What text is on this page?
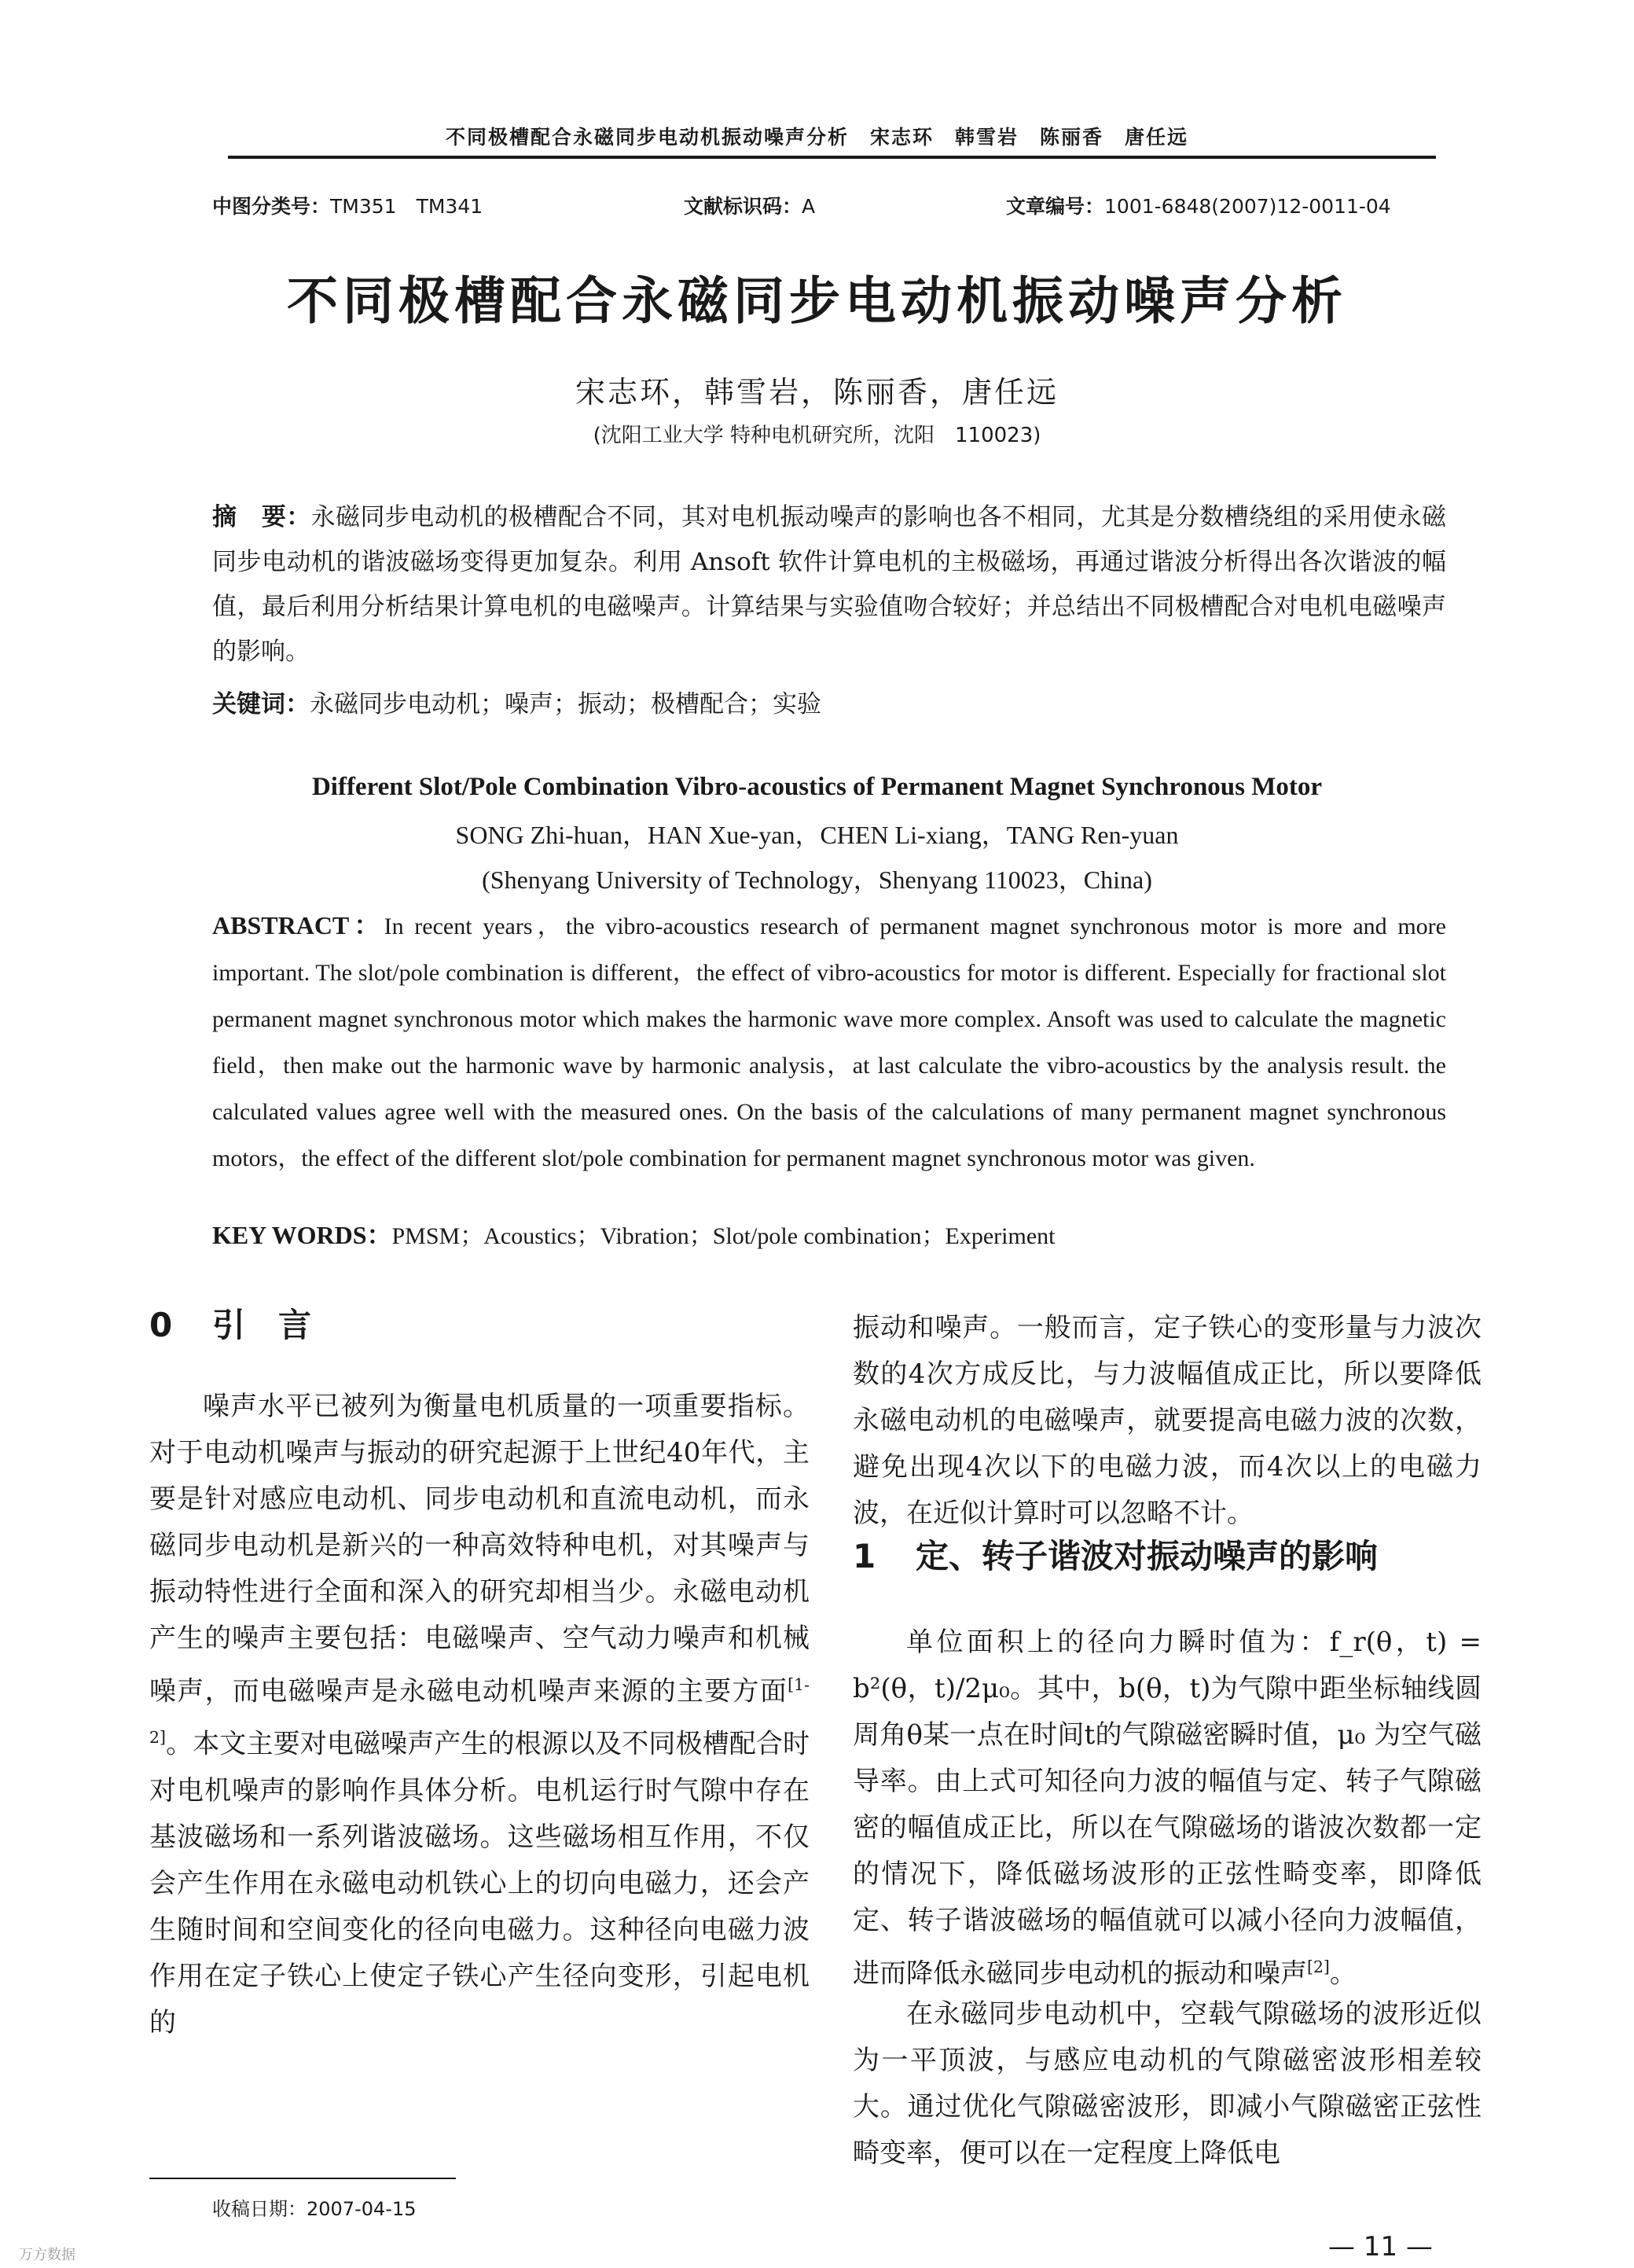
不同极槽配合永磁同步电动机振动噪声分析　宋志环　韩雪岩　陈丽香　唐任远
中图分类号：TM351　TM341	文献标识码：A	文章编号：1001-6848(2007)12-0011-04
不同极槽配合永磁同步电动机振动噪声分析
宋志环，韩雪岩，陈丽香，唐任远
(沈阳工业大学 特种电机研究所，沈阳　110023)
摘　要：永磁同步电动机的极槽配合不同，其对电机振动噪声的影响也各不相同，尤其是分数槽绕组的采用使永磁同步电动机的谐波磁场变得更加复杂。利用 Ansoft 软件计算电机的主极磁场，再通过谐波分析得出各次谐波的幅值，最后利用分析结果计算电机的电磁噪声。计算结果与实验值吻合较好；并总结出不同极槽配合对电机电磁噪声的影响。
关键词：永磁同步电动机；噪声；振动；极槽配合；实验
Different Slot/Pole Combination Vibro-acoustics of Permanent Magnet Synchronous Motor
SONG Zhi-huan，HAN Xue-yan，CHEN Li-xiang，TANG Ren-yuan
(Shenyang University of Technology，Shenyang 110023，China)
ABSTRACT：In recent years，the vibro-acoustics research of permanent magnet synchronous motor is more and more important. The slot/pole combination is different，the effect of vibro-acoustics for motor is different. Especially for fractional slot permanent magnet synchronous motor which makes the harmonic wave more complex. Ansoft was used to calculate the magnetic field，then make out the harmonic wave by harmonic analysis，at last calculate the vibro-acoustics by the analysis result. the calculated values agree well with the measured ones. On the basis of the calculations of many permanent magnet synchronous motors，the effect of the different slot/pole combination for permanent magnet synchronous motor was given.
KEY WORDS：PMSM；Acoustics；Vibration；Slot/pole combination；Experiment
0 引　言
噪声水平已被列为衡量电机质量的一项重要指标。对于电动机噪声与振动的研究起源于上世纪40年代，主要是针对感应电动机、同步电动机和直流电动机，而永磁同步电动机是新兴的一种高效特种电机，对其噪声与振动特性进行全面和深入的研究却相当少。永磁电动机产生的噪声主要包括：电磁噪声、空气动力噪声和机械噪声，而电磁噪声是永磁电动机噪声来源的主要方面[1-2]。本文主要对电磁噪声产生的根源以及不同极槽配合时对电机噪声的影响作具体分析。电机运行时气隙中存在基波磁场和一系列谐波磁场。这些磁场相互作用，不仅会产生作用在永磁电动机铁心上的切向电磁力，还会产生随时间和空间变化的径向电磁力。这种径向电磁力波作用在定子铁心上使定子铁心产生径向变形，引起电机的
振动和噪声。一般而言，定子铁心的变形量与力波次数的4次方成反比，与力波幅值成正比，所以要降低永磁电动机的电磁噪声，就要提高电磁力波的次数，避免出现4次以下的电磁力波，而4次以上的电磁力波，在近似计算时可以忽略不计。
1 定、转子谐波对振动噪声的影响
单位面积上的径向力瞬时值为：f_r(θ，t) = b²(θ，t)/2μ₀。其中，b(θ，t)为气隙中距坐标轴线圆周角θ某一点在时间t的气隙磁密瞬时值，μ₀ 为空气磁导率。由上式可知径向力波的幅值与定、转子气隙磁密的幅值成正比，所以在气隙磁场的谐波次数都一定的情况下，降低磁场波形的正弦性畸变率，即降低定、转子谐波磁场的幅值就可以减小径向力波幅值，进而降低永磁同步电动机的振动和噪声[2]。
在永磁同步电动机中，空载气隙磁场的波形近似为一平顶波，与感应电动机的气隙磁密波形相差较大。通过优化气隙磁密波形，即减小气隙磁密正弦性畸变率，便可以在一定程度上降低电
收稿日期：2007-04-15
— 11 —
万方数据
